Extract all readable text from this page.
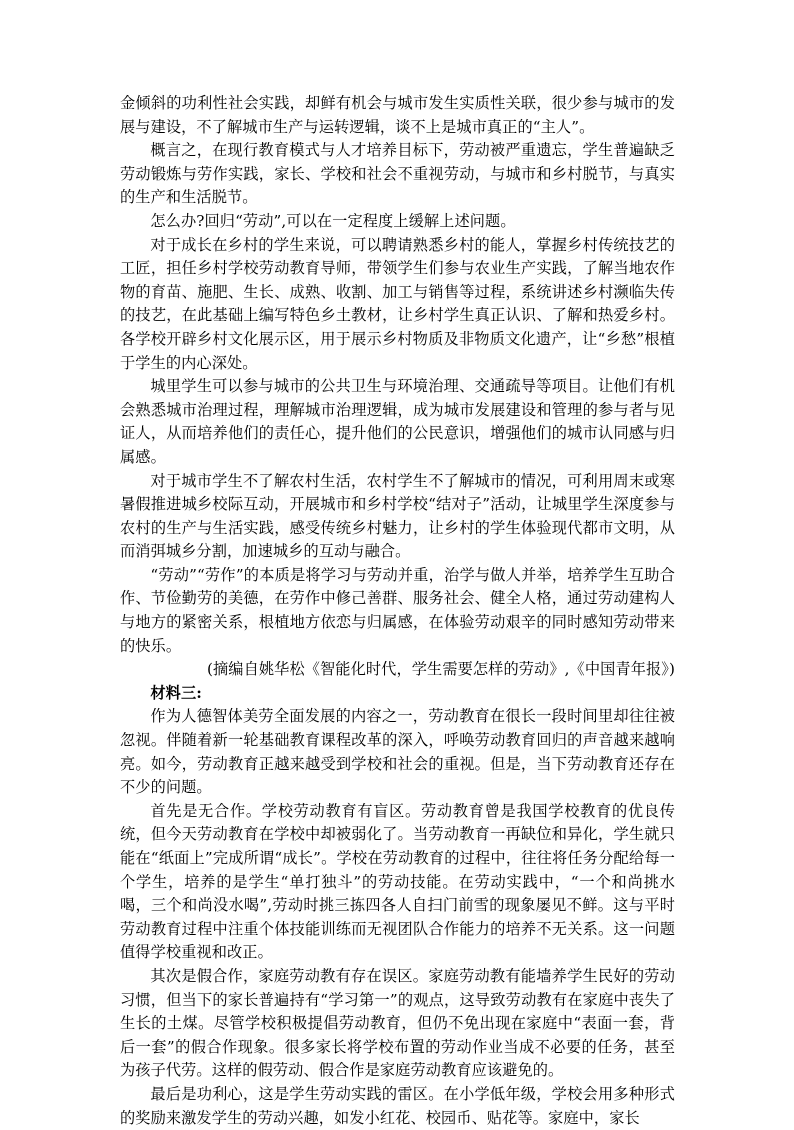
金倾斜的功利性社会实践，却鲜有机会与城市发生实质性关联，很少参与城市的发展与建设，不了解城市生产与运转逻辑，谈不上是城市真正的“主人”。

概言之，在现行教育模式与人才培养目标下，劳动被严重遗忘，学生普遍缺乏劳动锻炼与劳作实践，家长、学校和社会不重视劳动，与城市和乡村脱节，与真实的生产和生活脱节。

怎么办?回归“劳动”,可以在一定程度上缓解上述问题。

对于成长在乡村的学生来说，可以聘请熟悉乡村的能人，掌握乡村传统技艺的工匠，担任乡村学校劳动教育导师，带领学生们参与农业生产实践，了解当地农作物的育苗、施肥、生长、成熟、收割、加工与销售等过程，系统讲述乡村濒临失传的技艺，在此基础上编写特色乡土教材，让乡村学生真正认识、了解和热爱乡村。各学校开辟乡村文化展示区，用于展示乡村物质及非物质文化遗产，让“乡愁”根植于学生的内心深处。

城里学生可以参与城市的公共卫生与环境治理、交通疏导等项目。让他们有机会熟悉城市治理过程，理解城市治理逻辑，成为城市发展建设和管理的参与者与见证人，从而培养他们的责任心，提升他们的公民意识，增强他们的城市认同感与归属感。

对于城市学生不了解农村生活，农村学生不了解城市的情况，可利用周末或寒暑假推进城乡校际互动，开展城市和乡村学校“结对子”活动，让城里学生深度参与农村的生产与生活实践，感受传统乡村魅力，让乡村的学生体验现代都市文明，从而消弭城乡分割，加速城乡的互动与融合。

“劳动”“劳作”的本质是将学习与劳动并重，治学与做人并举，培养学生互助合作、节俭勤劳的美德，在劳作中修己善群、服务社会、健全人格，通过劳动建构人与地方的紧密关系，根植地方依恋与归属感，在体验劳动艰辛的同时感知劳动带来的快乐。

(摘编自姚华松《智能化时代，学生需要怎样的劳动》,《中国青年报》)

材料三:

作为人德智体美劳全面发展的内容之一，劳动教育在很长一段时间里却往往被忽视。伴随着新一轮基础教育课程改革的深入，呼唤劳动教育回归的声音越来越响亮。如今，劳动教育正越来越受到学校和社会的重视。但是，当下劳动教育还存在不少的问题。

首先是无合作。学校劳动教育有盲区。劳动教育曾是我国学校教育的优良传统，但今天劳动教育在学校中却被弱化了。当劳动教育一再缺位和异化，学生就只能在“纸面上”完成所谓“成长”。学校在劳动教育的过程中，往往将任务分配给每一个学生，培养的是学生“单打独斗”的劳动技能。在劳动实践中，“一个和尚挑水喝，三个和尚没水喝”,劳动时挑三拣四各人自扫门前雪的现象屡见不鲜。这与平时劳动教育过程中注重个体技能训练而无视团队合作能力的培养不无关系。这一问题值得学校重视和改正。

其次是假合作，家庭劳动教有存在误区。家庭劳动教有能墙养学生民好的劳动习惯，但当下的家长普遍持有“学习第一”的观点，这导致劳动教有在家庭中丧失了生长的土煤。尽管学校积极提倡劳动教育，但仍不免出现在家庭中“表面一套，背后一套”的假合作现象。很多家长将学校布置的劳动作业当成不必要的任务，甚至为孩子代劳。这样的假劳动、假合作是家庭劳动教育应该避免的。

最后是功利心，这是学生劳动实践的雷区。在小学低年级，学校会用多种形式的奖励来激发学生的劳动兴趣，如发小红花、校园币、贴花等。家庭中，家长
